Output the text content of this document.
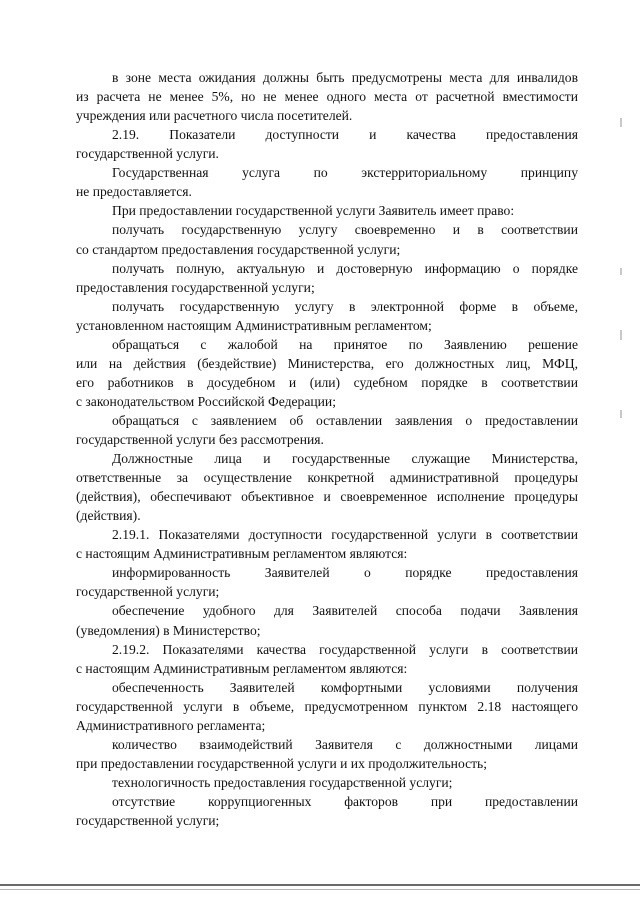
в зоне места ожидания должны быть предусмотрены места для инвалидов
из расчета не менее 5%, но не менее одного места от расчетной вместимости
учреждения или расчетного числа посетителей.
2.19. Показатели доступности и качества предоставления
государственной услуги.
Государственная услуга по экстерриториальному принципу
не предоставляется.
При предоставлении государственной услуги Заявитель имеет право:
получать государственную услугу своевременно и в соответствии
со стандартом предоставления государственной услуги;
получать полную, актуальную и достоверную информацию о порядке
предоставления государственной услуги;
получать государственную услугу в электронной форме в объеме,
установленном настоящим Административным регламентом;
обращаться с жалобой на принятое по Заявлению решение
или на действия (бездействие) Министерства, его должностных лиц, МФЦ,
его работников в досудебном и (или) судебном порядке в соответствии
с законодательством Российской Федерации;
обращаться с заявлением об оставлении заявления о предоставлении
государственной услуги без рассмотрения.
Должностные лица и государственные служащие Министерства,
ответственные за осуществление конкретной административной процедуры
(действия), обеспечивают объективное и своевременное исполнение процедуры
(действия).
2.19.1. Показателями доступности государственной услуги в соответствии
с настоящим Административным регламентом являются:
информированность Заявителей о порядке предоставления
государственной услуги;
обеспечение удобного для Заявителей способа подачи Заявления
(уведомления) в Министерство;
2.19.2. Показателями качества государственной услуги в соответствии
с настоящим Административным регламентом являются:
обеспеченность Заявителей комфортными условиями получения
государственной услуги в объеме, предусмотренном пунктом 2.18 настоящего
Административного регламента;
количество взаимодействий Заявителя с должностными лицами
при предоставлении государственной услуги и их продолжительность;
технологичность предоставления государственной услуги;
отсутствие коррупциогенных факторов при предоставлении
государственной услуги;
